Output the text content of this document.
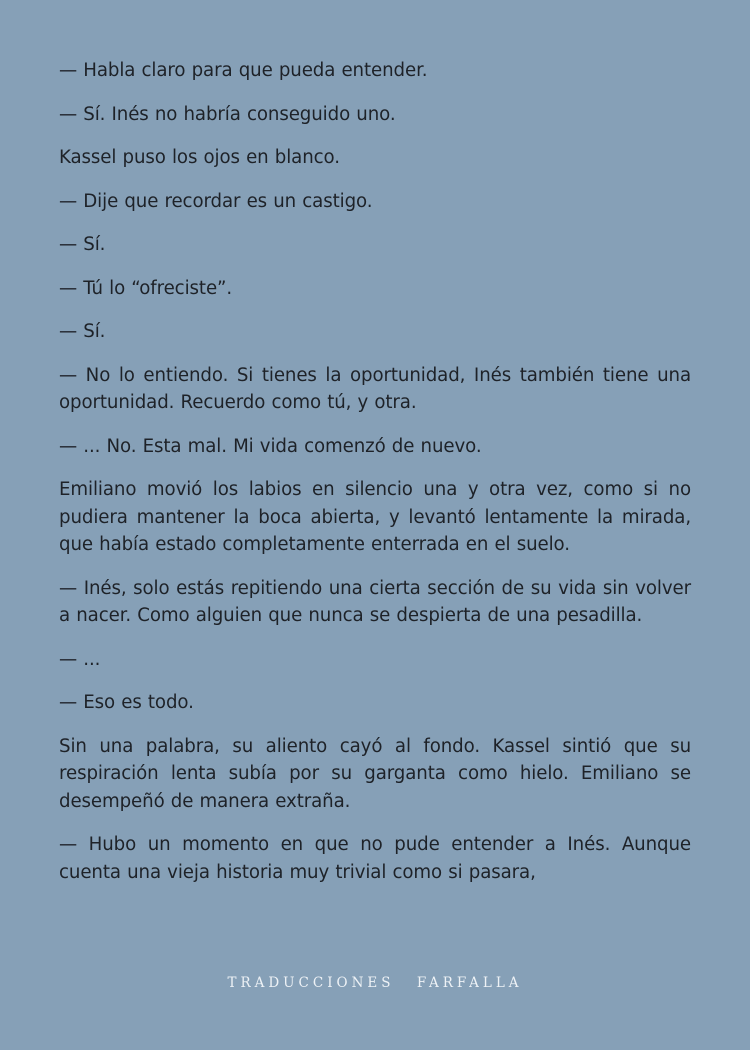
— Habla claro para que pueda entender.

— Sí. Inés no habría conseguido uno.

Kassel puso los ojos en blanco.

— Dije que recordar es un castigo.

— Sí.

— Tú lo “ofreciste”.

— Sí.

— No lo entiendo. Si tienes la oportunidad, Inés también tiene una oportunidad. Recuerdo como tú, y otra.

— ... No. Esta mal. Mi vida comenzó de nuevo.

Emiliano movió los labios en silencio una y otra vez, como si no pudiera mantener la boca abierta, y levantó lentamente la mirada, que había estado completamente enterrada en el suelo.

— Inés, solo estás repitiendo una cierta sección de su vida sin volver a nacer. Como alguien que nunca se despierta de una pesadilla.

— ...

— Eso es todo.

Sin una palabra, su aliento cayó al fondo. Kassel sintió que su respiración lenta subía por su garganta como hielo. Emiliano se desempeñó de manera extraña.

— Hubo un momento en que no pude entender a Inés. Aunque cuenta una vieja historia muy trivial como si pasara,

TRADUCCIONES FARFALLA
